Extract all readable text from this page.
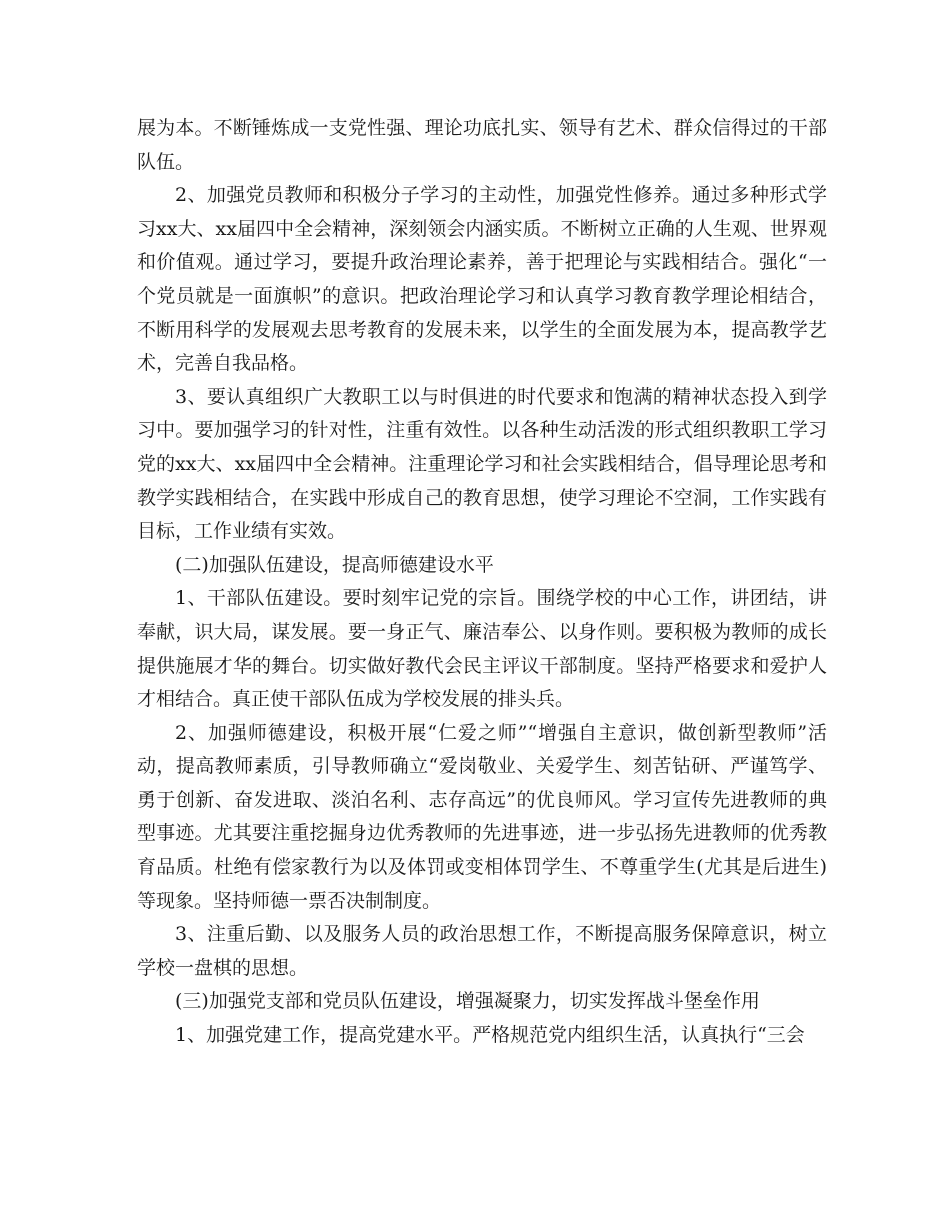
展为本。不断锤炼成一支党性强、理论功底扎实、领导有艺术、群众信得过的干部队伍。

2、加强党员教师和积极分子学习的主动性，加强党性修养。通过多种形式学习xx大、xx届四中全会精神，深刻领会内涵实质。不断树立正确的人生观、世界观和价值观。通过学习，要提升政治理论素养，善于把理论与实践相结合。强化“一个党员就是一面旗帜”的意识。把政治理论学习和认真学习教育教学理论相结合，不断用科学的发展观去思考教育的发展未来，以学生的全面发展为本，提高教学艺术，完善自我品格。

3、要认真组织广大教职工以与时俱进的时代要求和饱满的精神状态投入到学习中。要加强学习的针对性，注重有效性。以各种生动活泼的形式组织教职工学习党的xx大、xx届四中全会精神。注重理论学习和社会实践相结合，倡导理论思考和教学实践相结合，在实践中形成自己的教育思想，使学习理论不空洞，工作实践有目标，工作业绩有实效。

(二)加强队伍建设，提高师德建设水平

1、干部队伍建设。要时刻牢记党的宗旨。围绕学校的中心工作，讲团结，讲奉献，识大局，谋发展。要一身正气、廉洁奉公、以身作则。要积极为教师的成长提供施展才华的舞台。切实做好教代会民主评议干部制度。坚持严格要求和爱护人才相结合。真正使干部队伍成为学校发展的排头兵。

2、加强师德建设，积极开展“仁爱之师”“增强自主意识，做创新型教师”活动，提高教师素质，引导教师确立“爱岗敬业、关爱学生、刻苦钻研、严谨笃学、勇于创新、奋发进取、淡泊名利、志存高远”的优良师风。学习宣传先进教师的典型事迹。尤其要注重挖掘身边优秀教师的先进事迹，进一步弘扬先进教师的优秀教育品质。杜绝有偿家教行为以及体罚或变相体罚学生、不尊重学生(尤其是后进生)等现象。坚持师德一票否决制制度。

3、注重后勤、以及服务人员的政治思想工作，不断提高服务保障意识，树立学校一盘棋的思想。

(三)加强党支部和党员队伍建设，增强凝聚力，切实发挥战斗堡垒作用

1、加强党建工作，提高党建水平。严格规范党内组织生活，认真执行“三会
